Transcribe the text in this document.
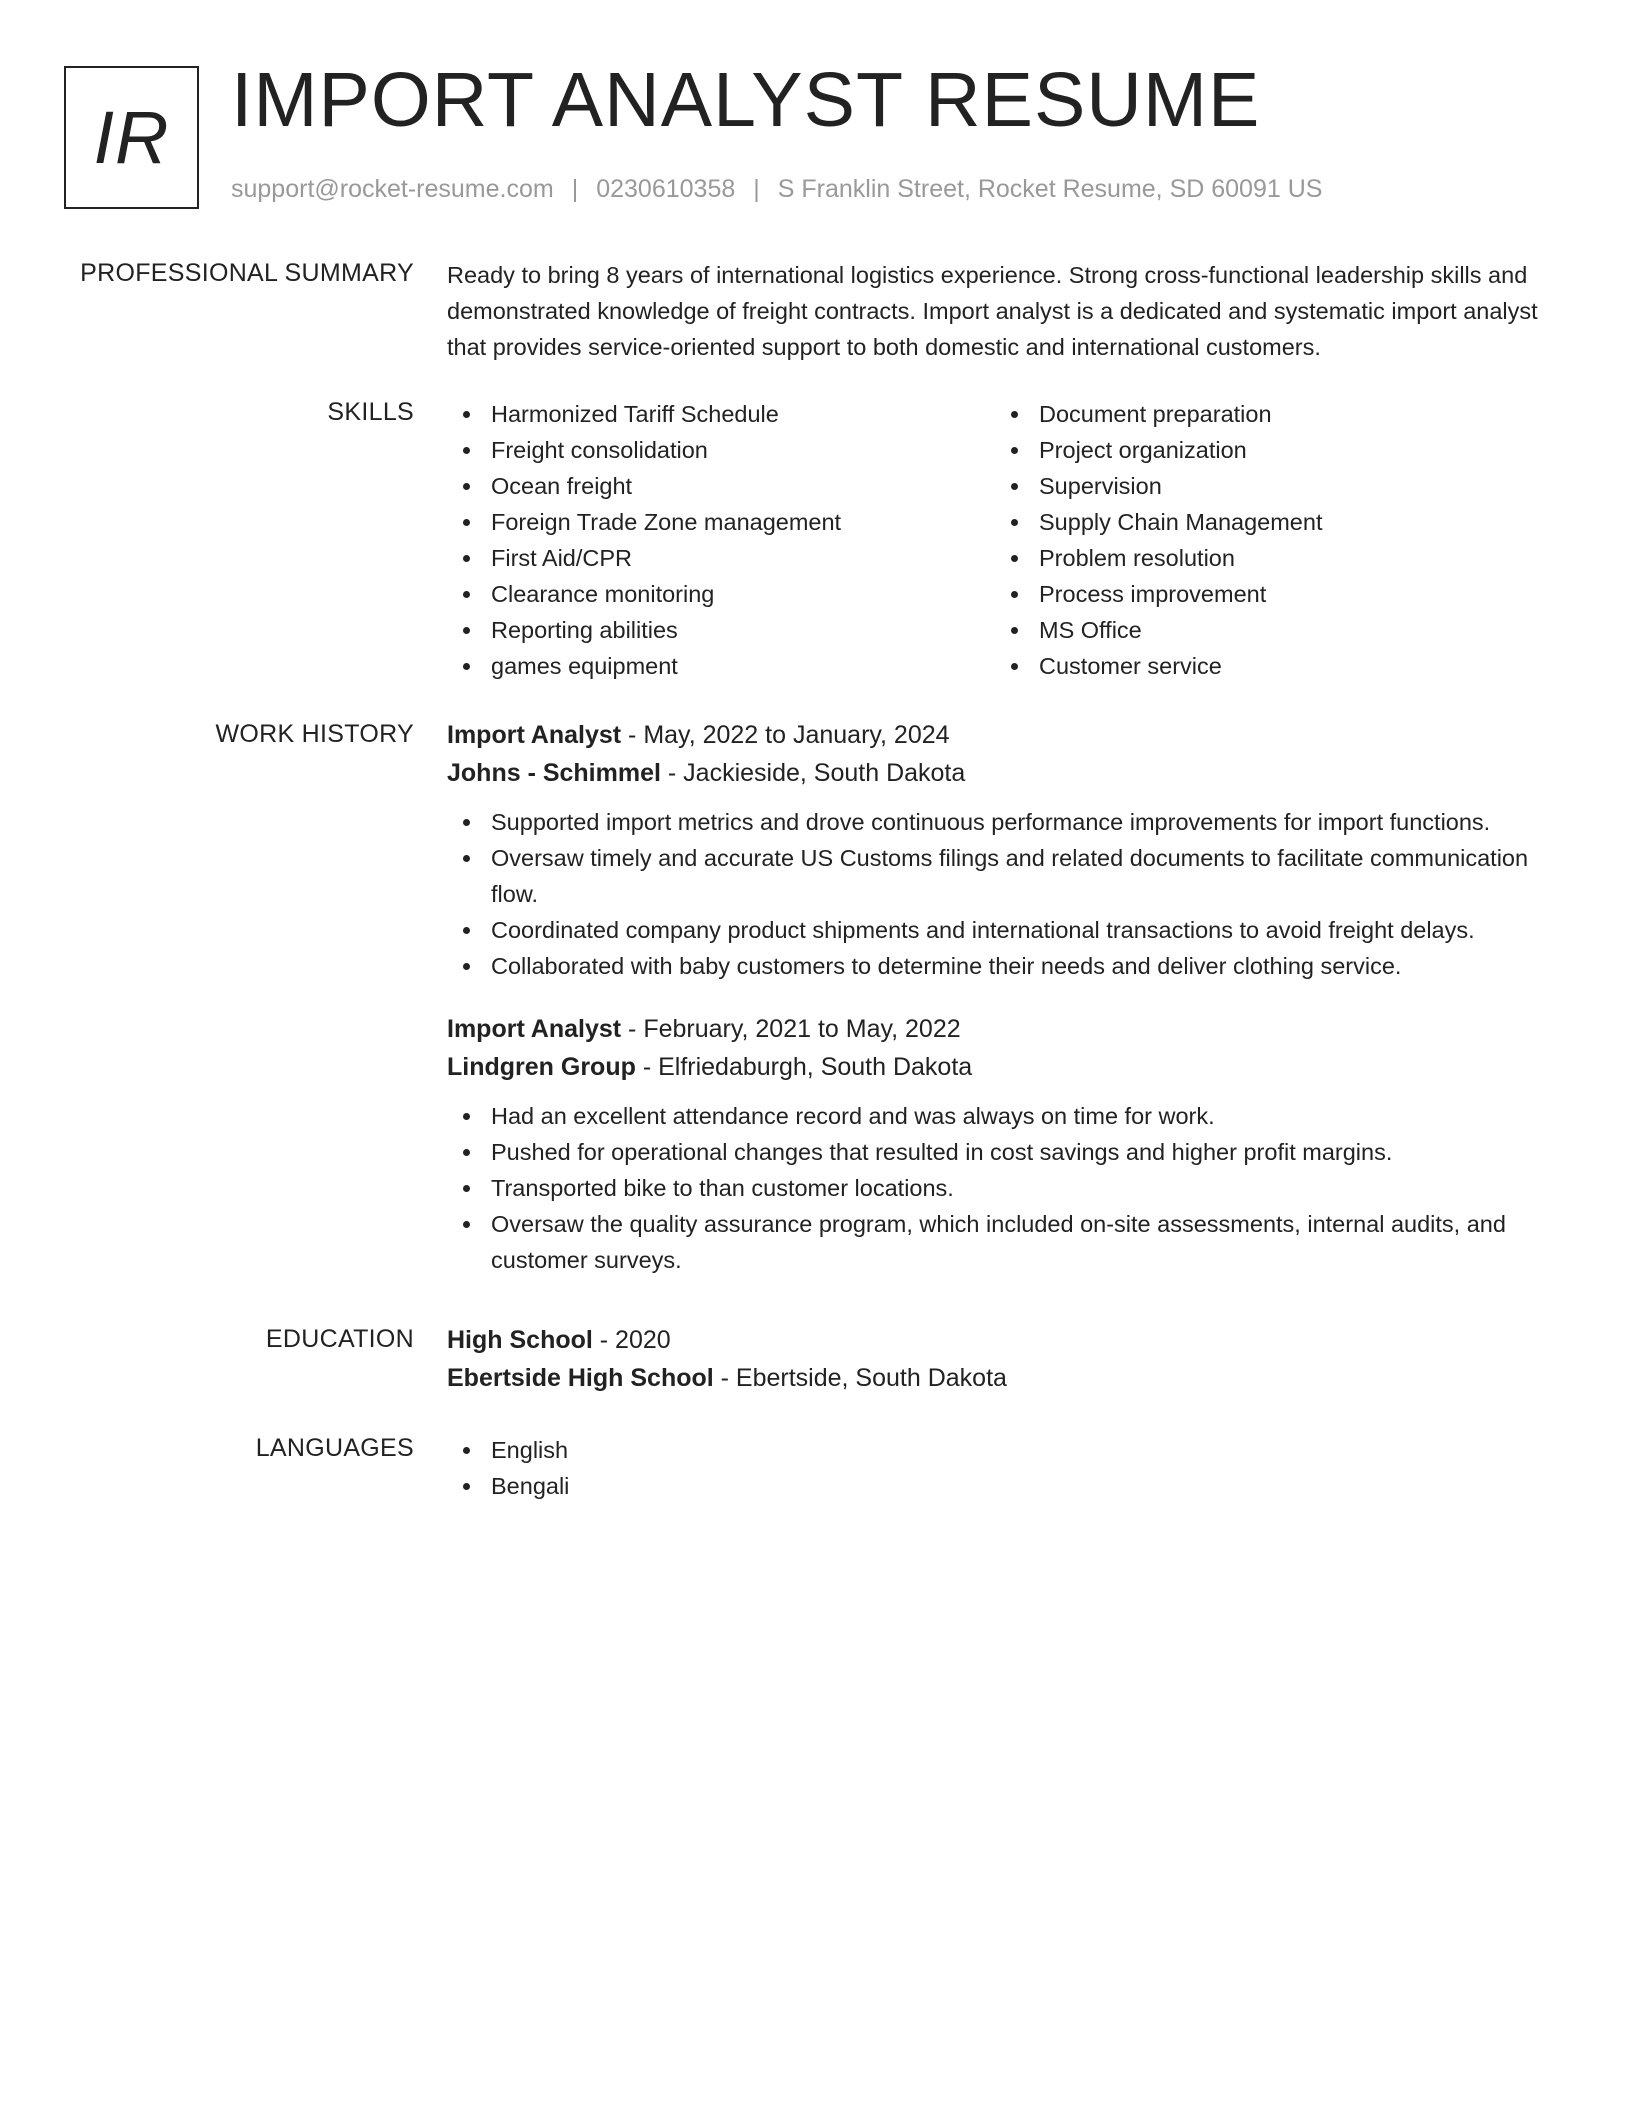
IR IMPORT ANALYST RESUME
support@rocket-resume.com | 0230610358 | S Franklin Street, Rocket Resume, SD 60091 US
PROFESSIONAL SUMMARY Ready to bring 8 years of international logistics experience. Strong cross-functional leadership skills and demonstrated knowledge of freight contracts. Import analyst is a dedicated and systematic import analyst that provides service-oriented support to both domestic and international customers.
SKILLS	Harmonized Tariff Schedule
Freight consolidation
Ocean freight
Foreign Trade Zone management
First Aid/CPR
Clearance monitoring
Reporting abilities
games equipment
Document preparation
Project organization
Supervision
Supply Chain Management
Problem resolution
Process improvement
MS Office
Customer service
WORK HISTORY Import Analyst - May, 2022 to January, 2024
Johns - Schimmel - Jackieside, South Dakota
Supported import metrics and drove continuous performance improvements for import functions.
Oversaw timely and accurate US Customs filings and related documents to facilitate communication flow.
Coordinated company product shipments and international transactions to avoid freight delays.
Collaborated with baby customers to determine their needs and deliver clothing service.
Import Analyst - February, 2021 to May, 2022
Lindgren Group - Elfriedaburgh, South Dakota
Had an excellent attendance record and was always on time for work.
Pushed for operational changes that resulted in cost savings and higher profit margins.
Transported bike to than customer locations.
Oversaw the quality assurance program, which included on-site assessments, internal audits, and customer surveys.
EDUCATION High School - 2020
Ebertside High School - Ebertside, South Dakota
LANGUAGES	English
Bengali
